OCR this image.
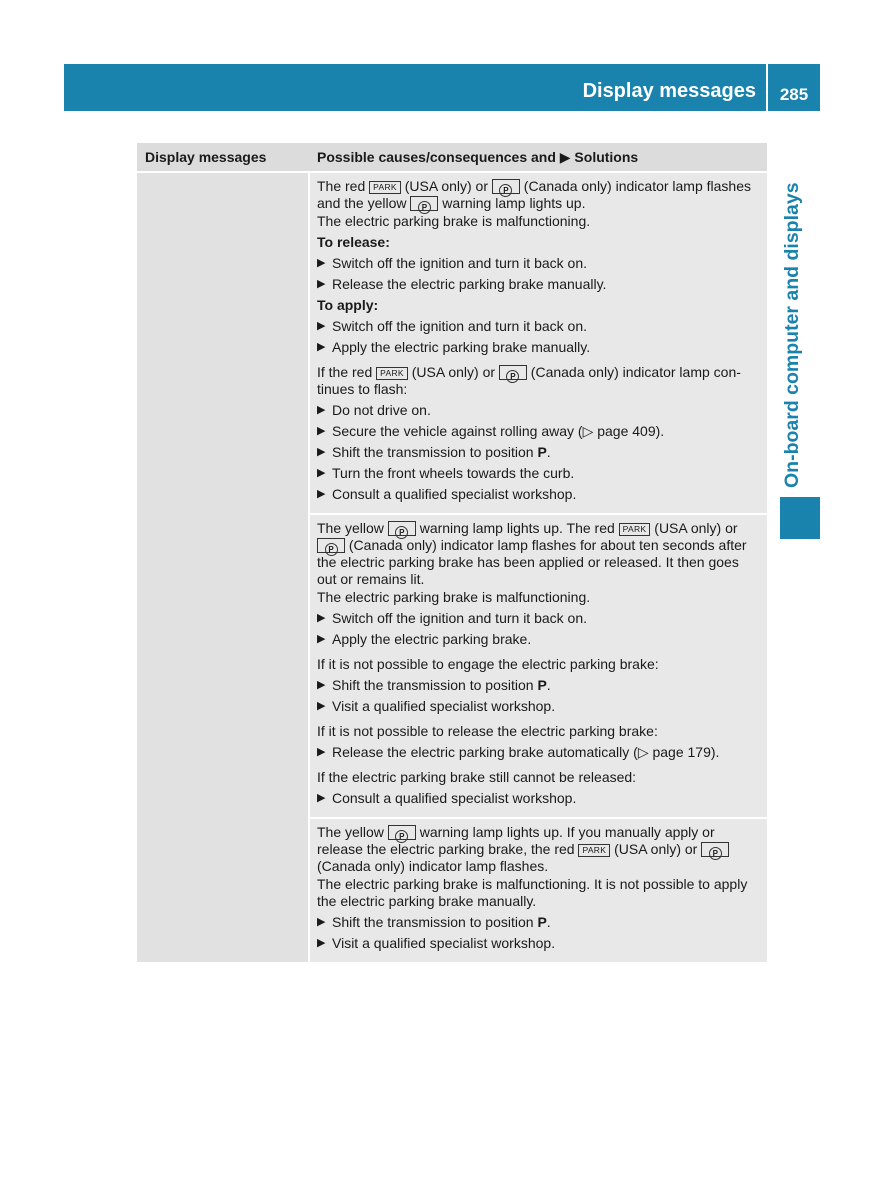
Display messages	285
On-board computer and displays
Display messages	Possible causes/consequences and ▶ Solutions

The red PARK (USA only) or P (Canada only) indicator lamp flashes and the yellow P warning lamp lights up.

The electric parking brake is malfunctioning.

To release:

▶ Switch off the ignition and turn it back on.

▶ Release the electric parking brake manually.

To apply:

▶ Switch off the ignition and turn it back on.

▶ Apply the electric parking brake manually.

If the red PARK (USA only) or P (Canada only) indicator lamp con-tinues to flash:

▶ Do not drive on.

▶ Secure the vehicle against rolling away (▷ page 409).

▶ Shift the transmission to position P.

▶ Turn the front wheels towards the curb.

▶ Consult a qualified specialist workshop.

The yellow P warning lamp lights up. The red PARK (USA only) or P (Canada only) indicator lamp flashes for about ten seconds after the electric parking brake has been applied or released. It then goes out or remains lit.

The electric parking brake is malfunctioning.

▶ Switch off the ignition and turn it back on.

▶ Apply the electric parking brake.

If it is not possible to engage the electric parking brake:

▶ Shift the transmission to position P.

▶ Visit a qualified specialist workshop.

If it is not possible to release the electric parking brake:

▶ Release the electric parking brake automatically (▷ page 179).

If the electric parking brake still cannot be released:

▶ Consult a qualified specialist workshop.

The yellow P warning lamp lights up. If you manually apply or release the electric parking brake, the red PARK (USA only) or P (Canada only) indicator lamp flashes.

The electric parking brake is malfunctioning. It is not possible to apply the electric parking brake manually.

▶ Shift the transmission to position P.

▶ Visit a qualified specialist workshop.
